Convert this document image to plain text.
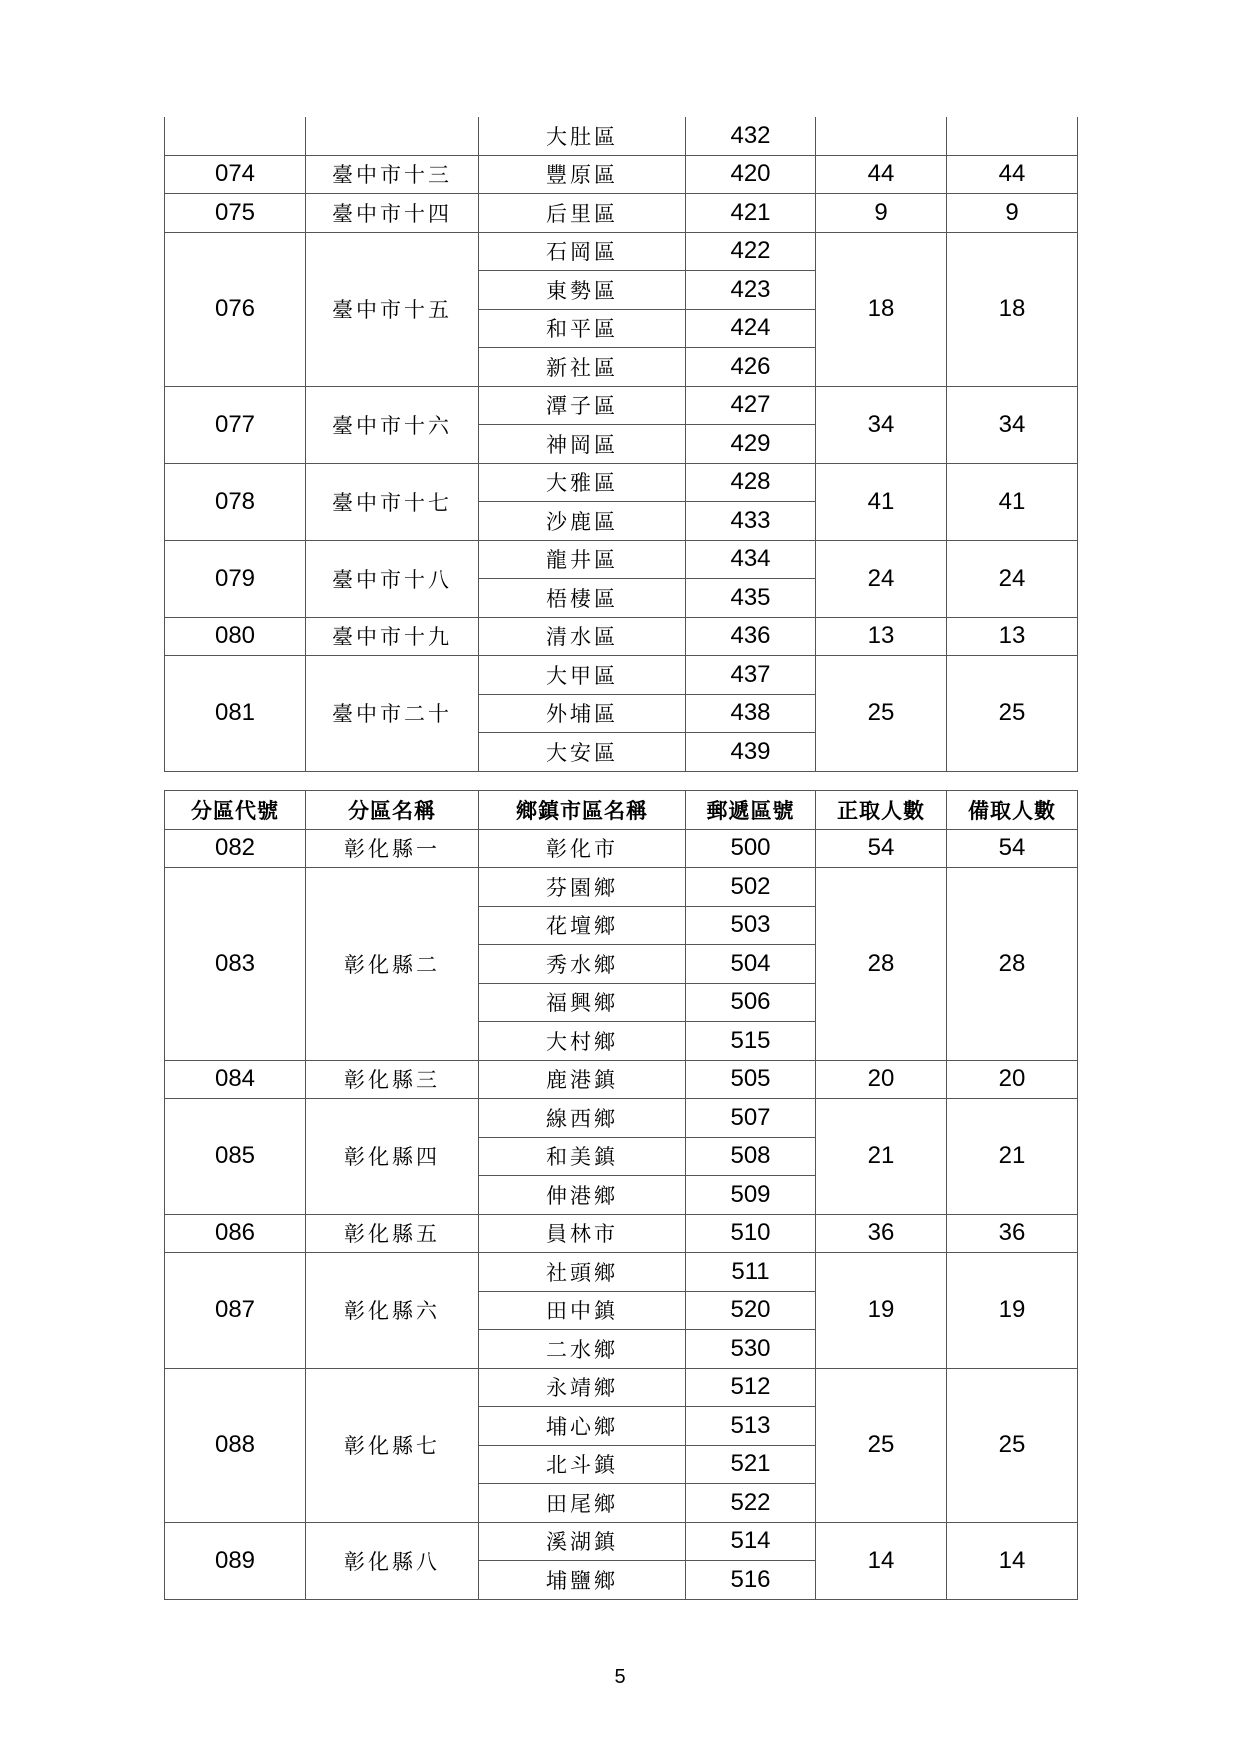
		大肚區	432		
074	臺中市十三	豐原區	420	44	44
075	臺中市十四	后里區	421	9	9
076	臺中市十五	石岡區	422	18	18
		東勢區	423		
		和平區	424		
		新社區	426		
077	臺中市十六	潭子區	427	34	34
		神岡區	429		
078	臺中市十七	大雅區	428	41	41
		沙鹿區	433		
079	臺中市十八	龍井區	434	24	24
		梧棲區	435		
080	臺中市十九	清水區	436	13	13
081	臺中市二十	大甲區	437	25	25
		外埔區	438		
		大安區	439		
分區代號	分區名稱	鄉鎮市區名稱	郵遞區號	正取人數	備取人數
082	彰化縣一	彰化市	500	54	54
083	彰化縣二	芬園鄉	502	28	28
		花壇鄉	503		
		秀水鄉	504		
		福興鄉	506		
		大村鄉	515		
084	彰化縣三	鹿港鎮	505	20	20
085	彰化縣四	線西鄉	507	21	21
		和美鎮	508		
		伸港鄉	509		
086	彰化縣五	員林市	510	36	36
087	彰化縣六	社頭鄉	511	19	19
		田中鎮	520		
		二水鄉	530		
088	彰化縣七	永靖鄉	512	25	25
		埔心鄉	513		
		北斗鎮	521		
		田尾鄉	522		
089	彰化縣八	溪湖鎮	514	14	14
		埔鹽鄉	516		
5
